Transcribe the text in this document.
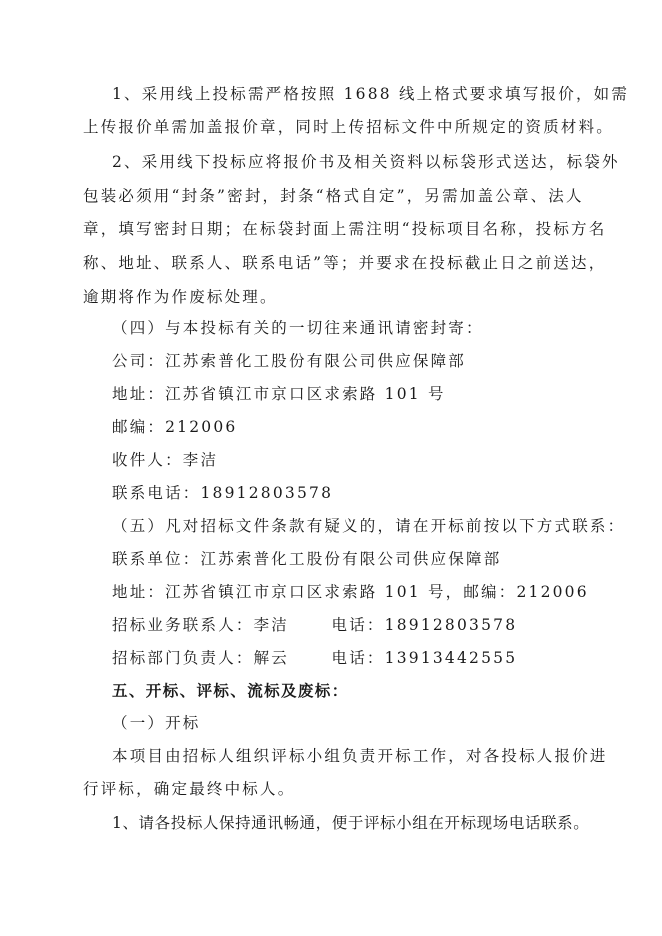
1、采用线上投标需严格按照 1688 线上格式要求填写报价，如需
上传报价单需加盖报价章，同时上传招标文件中所规定的资质材料。
2、采用线下投标应将报价书及相关资料以标袋形式送达，标袋外
包装必须用“封条”密封，封条“格式自定”，另需加盖公章、法人
章，填写密封日期；在标袋封面上需注明“投标项目名称，投标方名
称、地址、联系人、联系电话”等；并要求在投标截止日之前送达，
逾期将作为作废标处理。
（四）与本投标有关的一切往来通讯请密封寄：
公司：江苏索普化工股份有限公司供应保障部
地址：江苏省镇江市京口区求索路 101 号
邮编：212006
收件人：李洁
联系电话：18912803578
（五）凡对招标文件条款有疑义的，请在开标前按以下方式联系：
联系单位：江苏索普化工股份有限公司供应保障部
地址：江苏省镇江市京口区求索路 101 号，邮编：212006
招标业务联系人：李洁　　 电话：18912803578
招标部门负责人：解云　　 电话：13913442555
五、开标、评标、流标及废标：
（一）开标
本项目由招标人组织评标小组负责开标工作，对各投标人报价进
行评标，确定最终中标人。
1、请各投标人保持通讯畅通，便于评标小组在开标现场电话联系。
